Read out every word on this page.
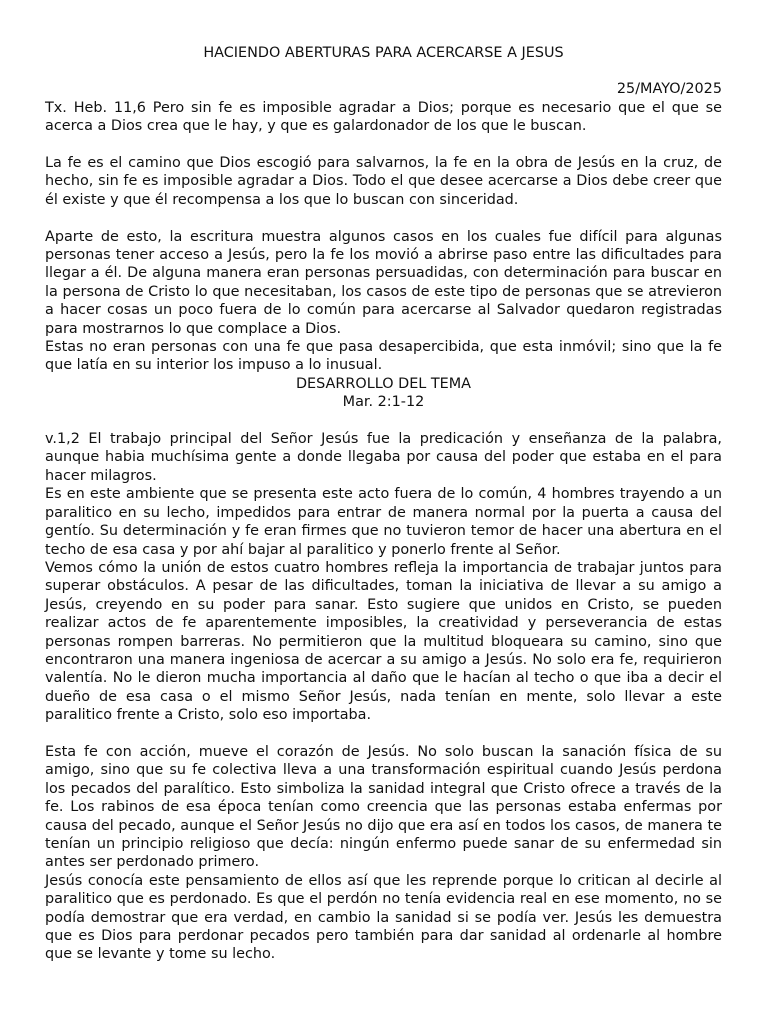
HACIENDO ABERTURAS PARA ACERCARSE A JESUS

25/MAYO/2025

Tx. Heb. 11,6 Pero sin fe es imposible agradar a Dios; porque es necesario que el que se acerca a Dios crea que le hay, y que es galardonador de los que le buscan.

La fe es el camino que Dios escogió para salvarnos, la fe en la obra de Jesús en la cruz, de hecho, sin fe es imposible agradar a Dios. Todo el que desee acercarse a Dios debe creer que él existe y que él recompensa a los que lo buscan con sinceridad.

Aparte de esto, la escritura muestra algunos casos en los cuales fue difícil para algunas personas tener acceso a Jesús, pero la fe los movió a abrirse paso entre las dificultades para llegar a él. De alguna manera eran personas persuadidas, con determinación para buscar en la persona de Cristo lo que necesitaban, los casos de este tipo de personas que se atrevieron a hacer cosas un poco fuera de lo común para acercarse al Salvador quedaron registradas para mostrarnos lo que complace a Dios.

Estas no eran personas con una fe que pasa desapercibida, que esta inmóvil; sino que la fe que latía en su interior los impuso a lo inusual.

DESARROLLO DEL TEMA

Mar. 2:1-12

v.1,2 El trabajo principal del Señor Jesús fue la predicación y enseñanza de la palabra, aunque habia muchísima gente a donde llegaba por causa del poder que estaba en el para hacer milagros.

Es en este ambiente que se presenta este acto fuera de lo común, 4 hombres trayendo a un paralitico en su lecho, impedidos para entrar de manera normal por la puerta a causa del gentío. Su determinación y fe eran firmes que no tuvieron temor de hacer una abertura en el techo de esa casa y por ahí bajar al paralitico y ponerlo frente al Señor.

Vemos cómo la unión de estos cuatro hombres refleja la importancia de trabajar juntos para superar obstáculos. A pesar de las dificultades, toman la iniciativa de llevar a su amigo a Jesús, creyendo en su poder para sanar. Esto sugiere que unidos en Cristo, se pueden realizar actos de fe aparentemente imposibles, la creatividad y perseverancia de estas personas rompen barreras. No permitieron que la multitud bloqueara su camino, sino que encontraron una manera ingeniosa de acercar a su amigo a Jesús. No solo era fe, requirieron valentía. No le dieron mucha importancia al daño que le hacían al techo o que iba a decir el dueño de esa casa o el mismo Señor Jesús, nada tenían en mente, solo llevar a este paralitico frente a Cristo, solo eso importaba.

Esta fe con acción, mueve el corazón de Jesús. No solo buscan la sanación física de su amigo, sino que su fe colectiva lleva a una transformación espiritual cuando Jesús perdona los pecados del paralítico. Esto simboliza la sanidad integral que Cristo ofrece a través de la fe. Los rabinos de esa época tenían como creencia que las personas estaba enfermas por causa del pecado, aunque el Señor Jesús no dijo que era así en todos los casos, de manera te tenían un principio religioso que decía: ningún enfermo puede sanar de su enfermedad sin antes ser perdonado primero.

Jesús conocía este pensamiento de ellos así que les reprende porque lo critican al decirle al paralitico que es perdonado. Es que el perdón no tenía evidencia real en ese momento, no se podía demostrar que era verdad, en cambio la sanidad si se podía ver. Jesús les demuestra que es Dios para perdonar pecados pero también para dar sanidad al ordenarle al hombre que se levante y tome su lecho.
